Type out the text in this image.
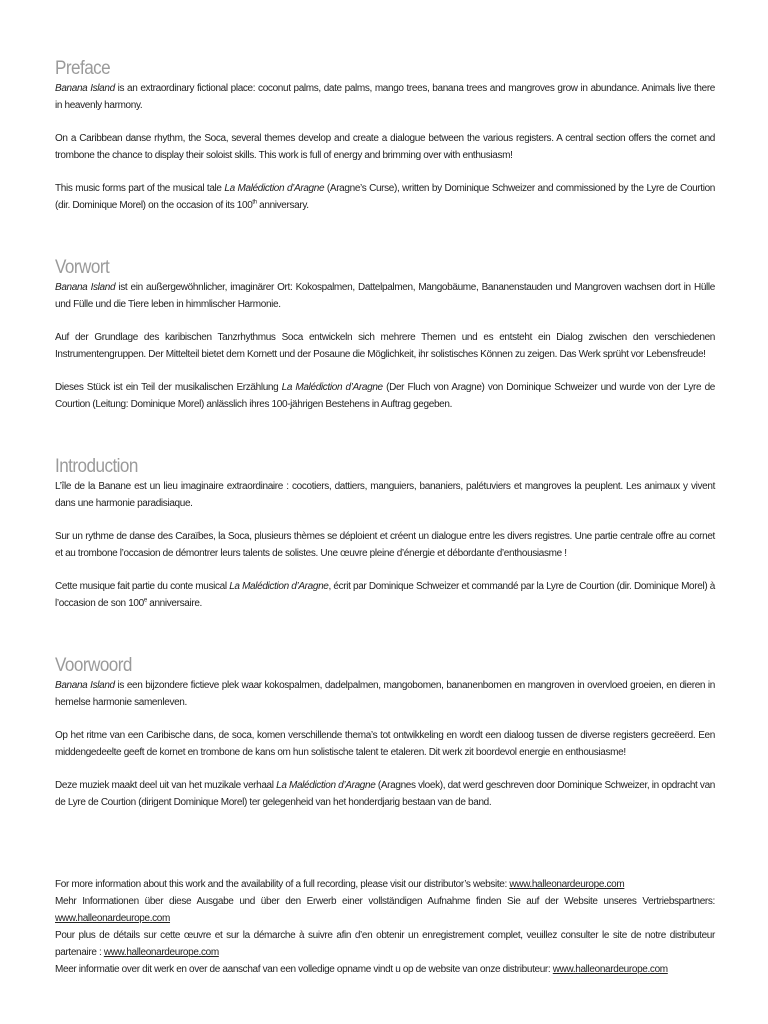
Preface

Banana Island is an extraordinary fictional place: coconut palms, date palms, mango trees, banana trees and mangroves grow in abundance. Animals live there in heavenly harmony.

On a Caribbean danse rhythm, the Soca, several themes develop and create a dialogue between the various registers. A central section offers the cornet and trombone the chance to display their soloist skills. This work is full of energy and brimming over with enthusiasm!

This music forms part of the musical tale La Malédiction d’Aragne (Aragne’s Curse), written by Dominique Schweizer and commissioned by the Lyre de Courtion (dir. Dominique Morel) on the occasion of its 100th anniversary.

Vorwort

Banana Island ist ein außergewöhnlicher, imaginärer Ort: Kokospalmen, Dattelpalmen, Mangobäume, Bananenstauden und Mangroven wachsen dort in Hülle und Fülle und die Tiere leben in himmlischer Harmonie.

Auf der Grundlage des karibischen Tanzrhythmus Soca entwickeln sich mehrere Themen und es entsteht ein Dialog zwischen den verschiedenen Instrumentengruppen. Der Mittelteil bietet dem Kornett und der Posaune die Möglichkeit, ihr solistisches Können zu zeigen. Das Werk sprüht vor Lebensfreude!

Dieses Stück ist ein Teil der musikalischen Erzählung La Malédiction d’Aragne (Der Fluch von Aragne) von Dominique Schweizer und wurde von der Lyre de Courtion (Leitung: Dominique Morel) anlässlich ihres 100-jährigen Bestehens in Auftrag gegeben.

Introduction

L’île de la Banane est un lieu imaginaire extraordinaire : cocotiers, dattiers, manguiers, bananiers, palétuviers et mangroves la peuplent. Les animaux y vivent dans une harmonie paradisiaque.

Sur un rythme de danse des Caraïbes, la Soca, plusieurs thèmes se déploient et créent un dialogue entre les divers registres. Une partie centrale offre au cornet et au trombone l’occasion de démontrer leurs talents de solistes. Une œuvre pleine d’énergie et débordante d’enthousiasme !

Cette musique fait partie du conte musical La Malédiction d’Aragne, écrit par Dominique Schweizer et commandé par la Lyre de Courtion (dir. Dominique Morel) à l’occasion de son 100e anniversaire.

Voorwoord

Banana Island is een bijzondere fictieve plek waar kokospalmen, dadelpalmen, mangobomen, bananenbomen en mangroven in overvloed groeien, en dieren in hemelse harmonie samenleven.

Op het ritme van een Caribische dans, de soca, komen verschillende thema’s tot ontwikkeling en wordt een dialoog tussen de diverse registers gecreëerd. Een middengedeelte geeft de kornet en trombone de kans om hun solistische talent te etaleren. Dit werk zit boordevol energie en enthousiasme!

Deze muziek maakt deel uit van het muzikale verhaal La Malédiction d’Aragne (Aragnes vloek), dat werd geschreven door Dominique Schweizer, in opdracht van de Lyre de Courtion (dirigent Dominique Morel) ter gelegenheid van het honderdjarig bestaan van de band.

For more information about this work and the availability of a full recording, please visit our distributor’s website: www.halleonardeurope.com
Mehr Informationen über diese Ausgabe und über den Erwerb einer vollständigen Aufnahme finden Sie auf der Website unseres Vertriebspartners: www.halleonardeurope.com
Pour plus de détails sur cette œuvre et sur la démarche à suivre afin d’en obtenir un enregistrement complet, veuillez consulter le site de notre distributeur partenaire : www.halleonardeurope.com
Meer informatie over dit werk en over de aanschaf van een volledige opname vindt u op de website van onze distributeur: www.halleonardeurope.com
